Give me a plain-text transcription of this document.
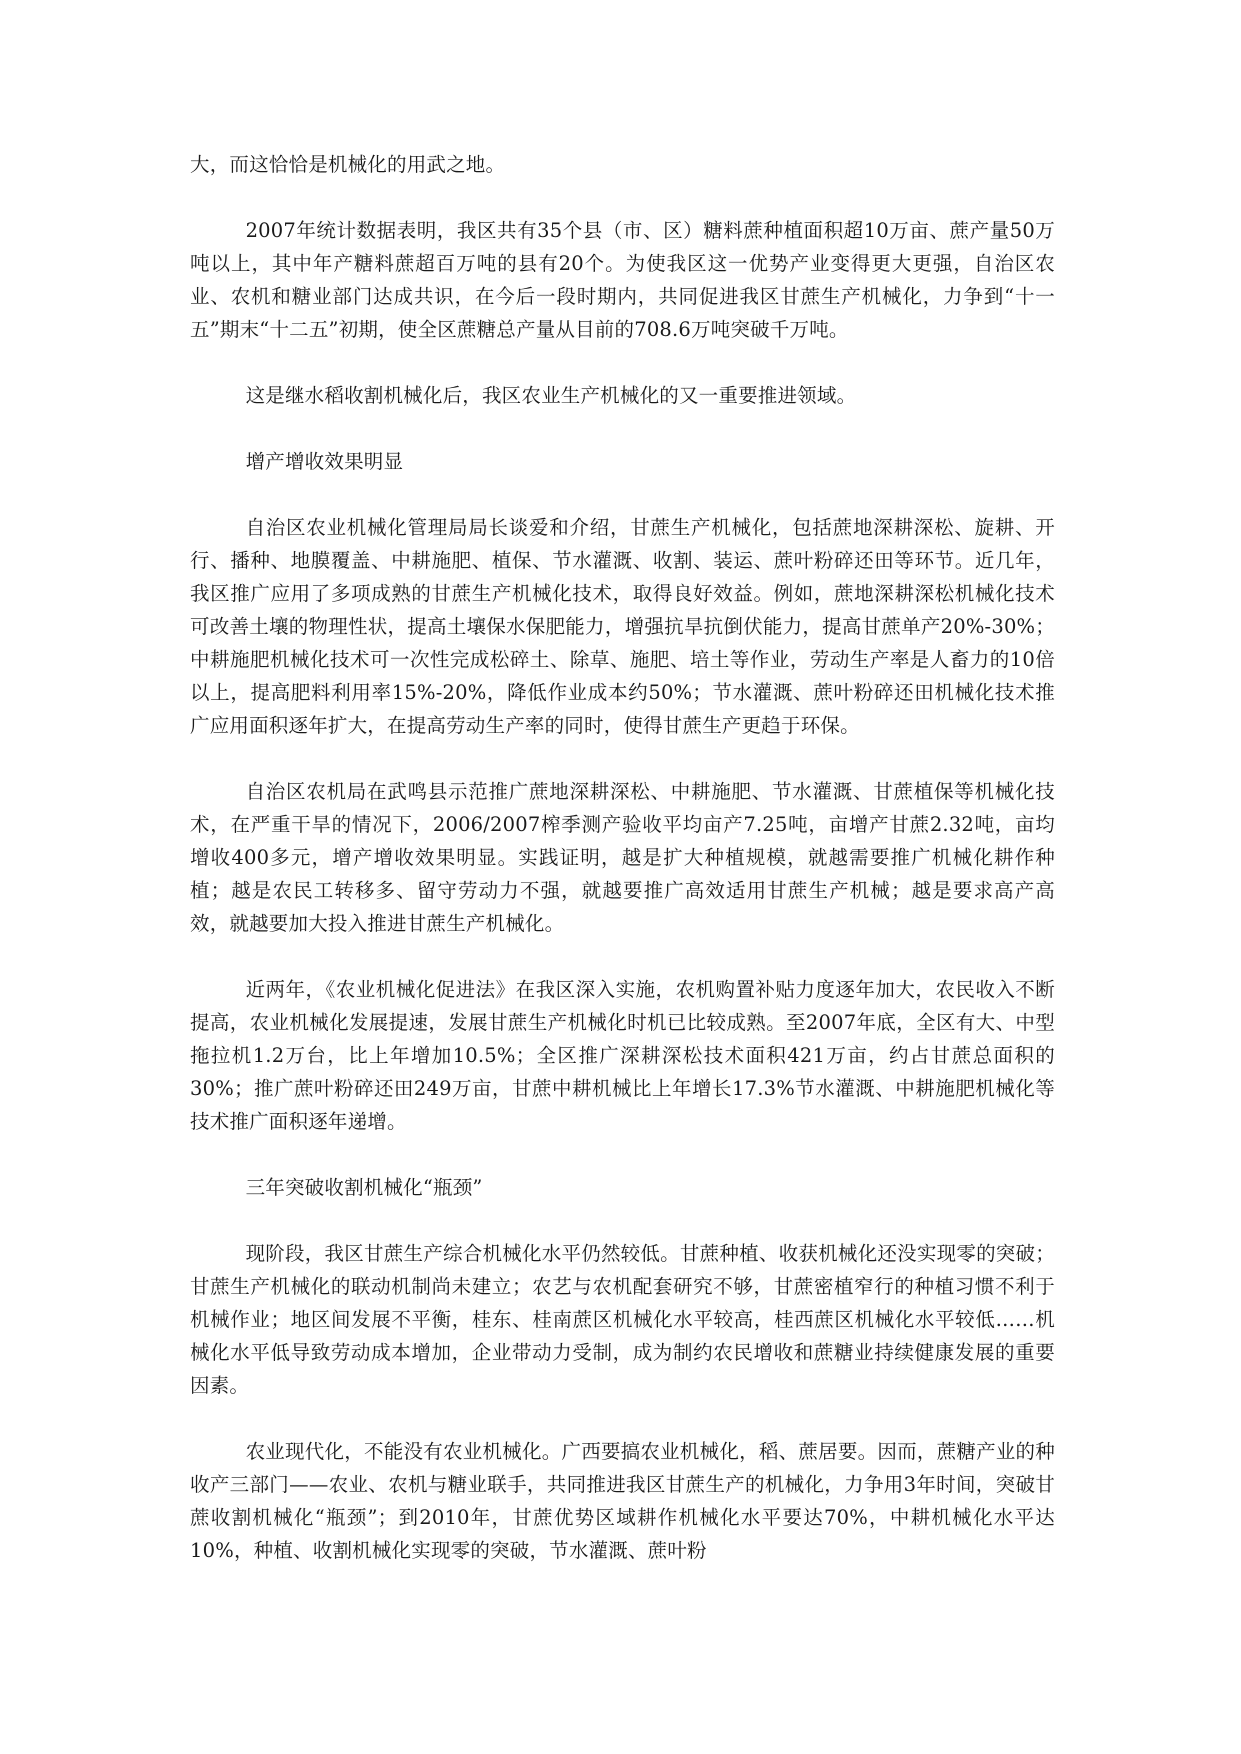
大，而这恰恰是机械化的用武之地。

2007年统计数据表明，我区共有35个县（市、区）糖料蔗种植面积超10万亩、蔗产量50万吨以上，其中年产糖料蔗超百万吨的县有20个。为使我区这一优势产业变得更大更强，自治区农业、农机和糖业部门达成共识，在今后一段时期内，共同促进我区甘蔗生产机械化，力争到“十一五”期末“十二五”初期，使全区蔗糖总产量从目前的708.6万吨突破千万吨。

这是继水稻收割机械化后，我区农业生产机械化的又一重要推进领域。

增产增收效果明显

自治区农业机械化管理局局长谈爱和介绍，甘蔗生产机械化，包括蔗地深耕深松、旋耕、开行、播种、地膜覆盖、中耕施肥、植保、节水灌溉、收割、装运、蔗叶粉碎还田等环节。近几年，我区推广应用了多项成熟的甘蔗生产机械化技术，取得良好效益。例如，蔗地深耕深松机械化技术可改善土壤的物理性状，提高土壤保水保肥能力，增强抗旱抗倒伏能力，提高甘蔗单产20%-30%；中耕施肥机械化技术可一次性完成松碎土、除草、施肥、培土等作业，劳动生产率是人畜力的10倍以上，提高肥料利用率15%-20%，降低作业成本约50%；节水灌溉、蔗叶粉碎还田机械化技术推广应用面积逐年扩大，在提高劳动生产率的同时，使得甘蔗生产更趋于环保。

自治区农机局在武鸣县示范推广蔗地深耕深松、中耕施肥、节水灌溉、甘蔗植保等机械化技术，在严重干旱的情况下，2006/2007榨季测产验收平均亩产7.25吨，亩增产甘蔗2.32吨，亩均增收400多元，增产增收效果明显。实践证明，越是扩大种植规模，就越需要推广机械化耕作种植；越是农民工转移多、留守劳动力不强，就越要推广高效适用甘蔗生产机械；越是要求高产高效，就越要加大投入推进甘蔗生产机械化。

近两年，《农业机械化促进法》在我区深入实施，农机购置补贴力度逐年加大，农民收入不断提高，农业机械化发展提速，发展甘蔗生产机械化时机已比较成熟。至2007年底，全区有大、中型拖拉机1.2万台，比上年增加10.5%；全区推广深耕深松技术面积421万亩，约占甘蔗总面积的30%；推广蔗叶粉碎还田249万亩，甘蔗中耕机械比上年增长17.3%节水灌溉、中耕施肥机械化等技术推广面积逐年递增。

三年突破收割机械化“瓶颈”

现阶段，我区甘蔗生产综合机械化水平仍然较低。甘蔗种植、收获机械化还没实现零的突破；甘蔗生产机械化的联动机制尚未建立；农艺与农机配套研究不够，甘蔗密植窄行的种植习惯不利于机械作业；地区间发展不平衡，桂东、桂南蔗区机械化水平较高，桂西蔗区机械化水平较低……机械化水平低导致劳动成本增加，企业带动力受制，成为制约农民增收和蔗糖业持续健康发展的重要因素。

农业现代化，不能没有农业机械化。广西要搞农业机械化，稻、蔗居要。因而，蔗糖产业的种收产三部门——农业、农机与糖业联手，共同推进我区甘蔗生产的机械化，力争用3年时间，突破甘蔗收割机械化“瓶颈”；到2010年，甘蔗优势区域耕作机械化水平要达70%，中耕机械化水平达10%，种植、收割机械化实现零的突破，节水灌溉、蔗叶粉
